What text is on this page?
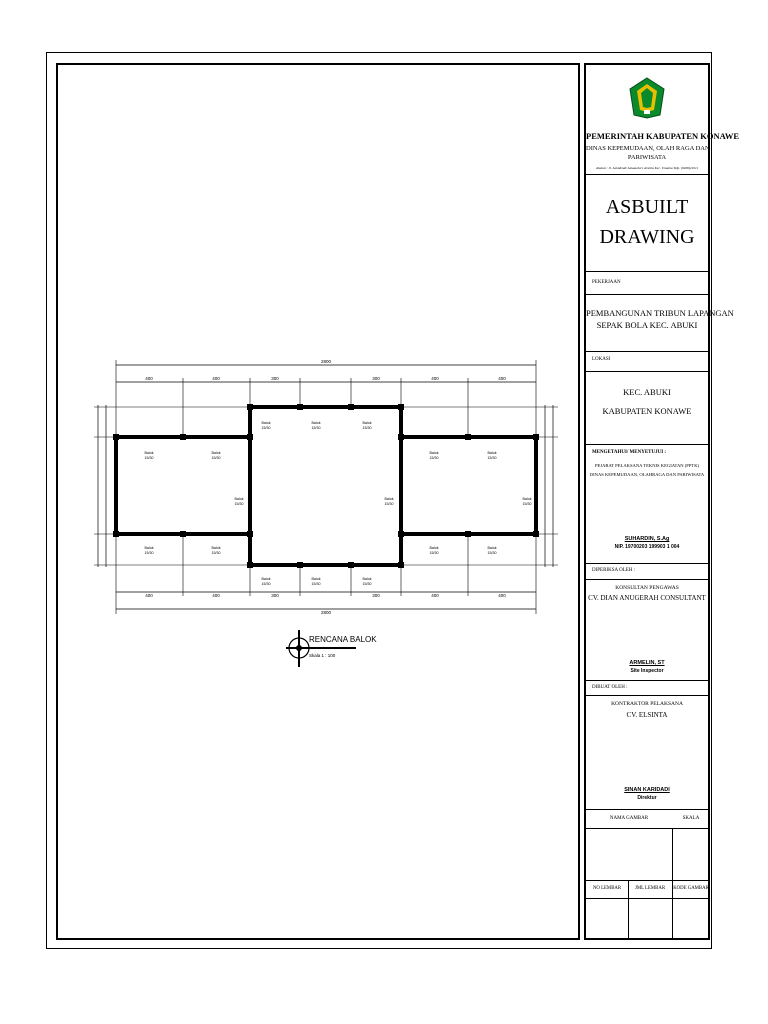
2800
2800
400	400	300	300	400	400
400	400	300	300	400	400
Balok
15/30
Balok
15/30
Balok
15/30
Balok
15/30
Balok
15/30
Balok
15/30
Balok
15/30
Balok
15/30
Balok
15/30
Balok
15/30
Balok
15/30
Balok
15/30
Balok
15/30
Balok
15/30
Balok
15/30
Balok
15/30
Balok
15/30
RENCANA BALOK
Skala 1 : 100
PEMERINTAH KABUPATEN KONAWE
DINAS KEPEMUDAAN, OLAH RAGA DAN
PARIWISATA
Alamat : Jl. Lakidende Lakaaeha's Arsnila Kec. Unaaha Telp. (0408)21011
ASBUILT
DRAWING
PEKERJAAN
PEMBANGUNAN TRIBUN LAPANGAN
SEPAK BOLA KEC. ABUKI
LOKASI
KEC. ABUKI
KABUPATEN KONAWE
MENGETAHUI/ MENYETUJUI :
PEJABAT PELAKSANA TEKNIS KEGIATAN (PPTK)
DINAS KEPEMUDAAN, OLAHRAGA DAN PARIWISATA
SUHARDIN, S.Ag
NIP. 19700203 199903 1 004
DIPERIKSA OLEH :
KONSULTAN PENGAWAS
CV. DIAN ANUGERAH CONSULTANT
ARMELIN, ST
Site Inspector
DIBUAT OLEH :
KONTRAKTOR PELAKSANA
CV. ELSINTA
SINAN KARIDADI
Direktur
NAMA GAMBAR	SKALA
NO LEMBAR	JML LEMBAR	KODE GAMBAR
